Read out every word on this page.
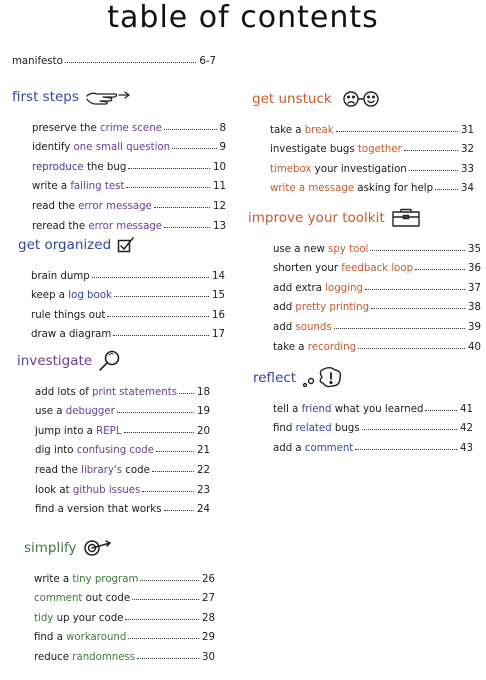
table of contents
manifesto	6-7
first steps
preserve the crime scene	8
identify one small question	9
reproduce the bug	10
write a failing test	11
read the error message	12
reread the error message	13
get organized
brain dump	14
keep a log book	15
rule things out	16
draw a diagram	17
investigate
add lots of print statements 18
use a debugger	19
jump into a REPL	20
dig into confusing code	21
read the library's code	22
look at github issues	23
find a version that works	24
simplify
write a tiny program	26
comment out code	27
tidy up your code	28
find a workaround	29
reduce randomness	30
get unstuck
take a break	31
investigate bugs together	32
timebox your investigation	33
write a message asking for help	34
improve your toolkit
use a new spy tool	35
shorten your feedback loop	36
add extra logging	37
add pretty printing	38
add sounds	39
take a recording	40
reflect
tell a friend what you learned	41
find related bugs	42
add a comment	43
